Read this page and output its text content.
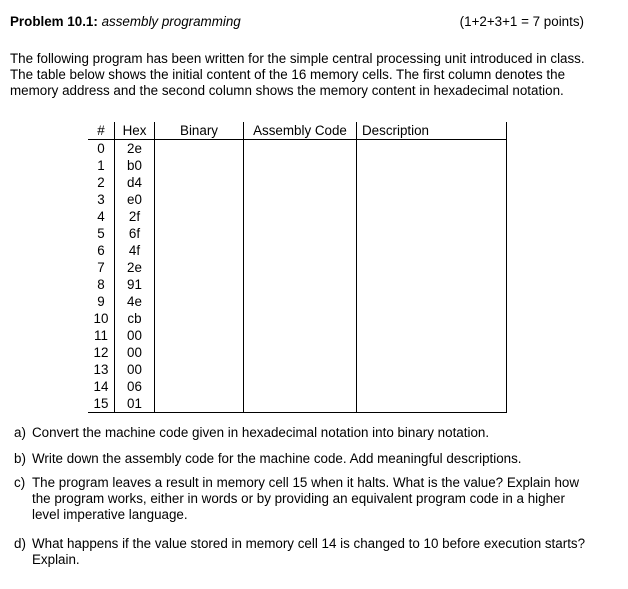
Problem 10.1: assembly programming	(1+2+3+1 = 7 points)

The following program has been written for the simple central processing unit introduced in class. The table below shows the initial content of the 16 memory cells. The first column denotes the memory address and the second column shows the memory content in hexadecimal notation.

#	Hex	Binary	Assembly Code	Description
0	2e			
1	b0			
2	d4			
3	e0			
4	2f			
5	6f			
6	4f			
7	2e			
8	91			
9	4e			
10	cb			
11	00			
12	00			
13	00			
14	06			
15	01			
a) Convert the machine code given in hexadecimal notation into binary notation.
b) Write down the assembly code for the machine code. Add meaningful descriptions.
c) The program leaves a result in memory cell 15 when it halts. What is the value? Explain how the program works, either in words or by providing an equivalent program code in a higher level imperative language.
d) What happens if the value stored in memory cell 14 is changed to 10 before execution starts? Explain.
